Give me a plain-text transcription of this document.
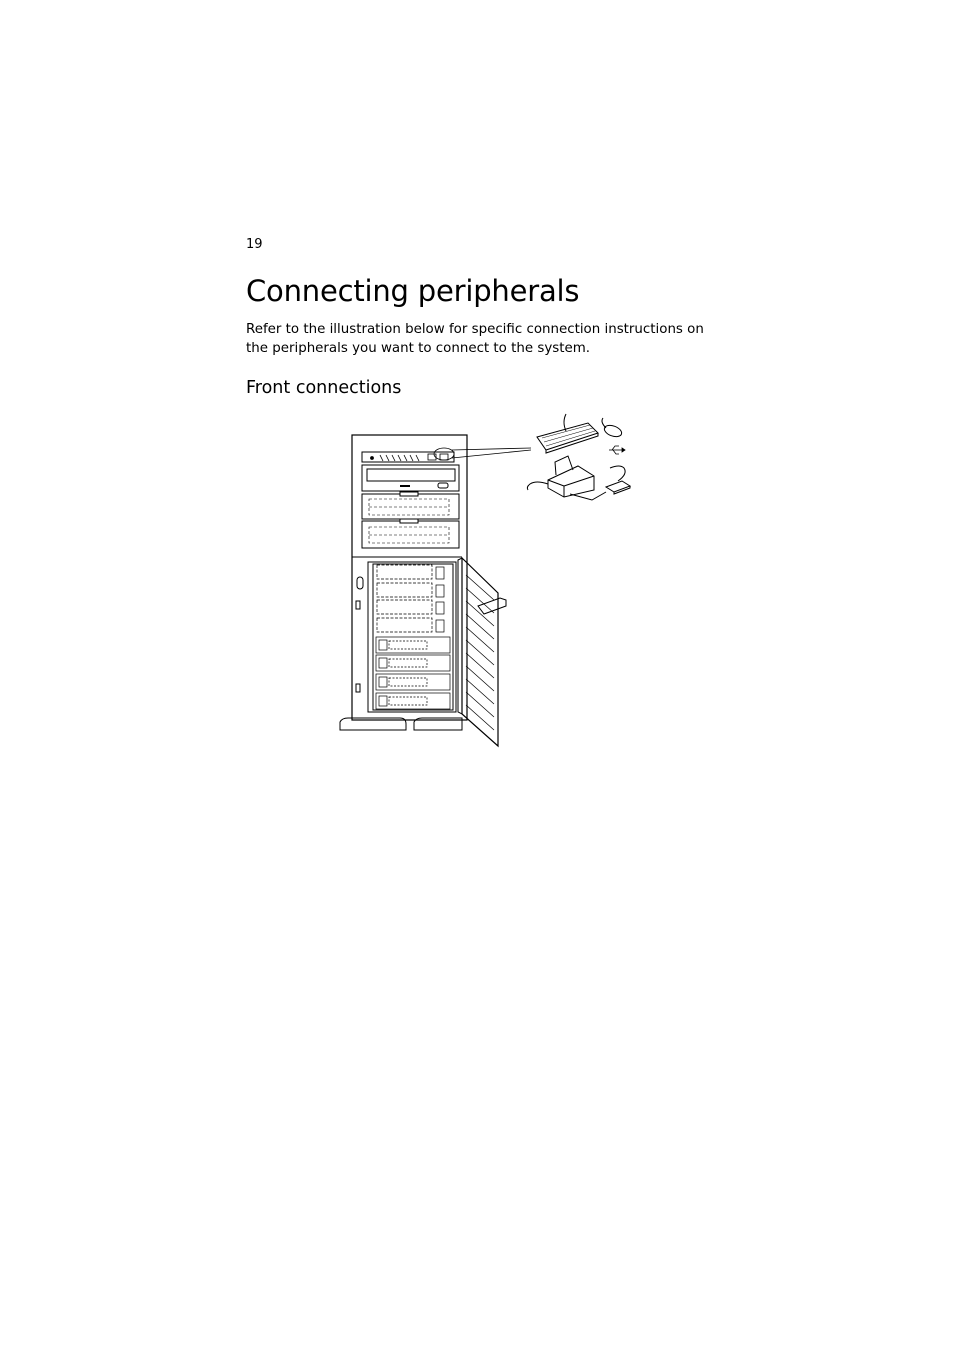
19
Connecting peripherals

Refer to the illustration below for specific connection instructions on the peripherals you want to connect to the system.

Front connections
